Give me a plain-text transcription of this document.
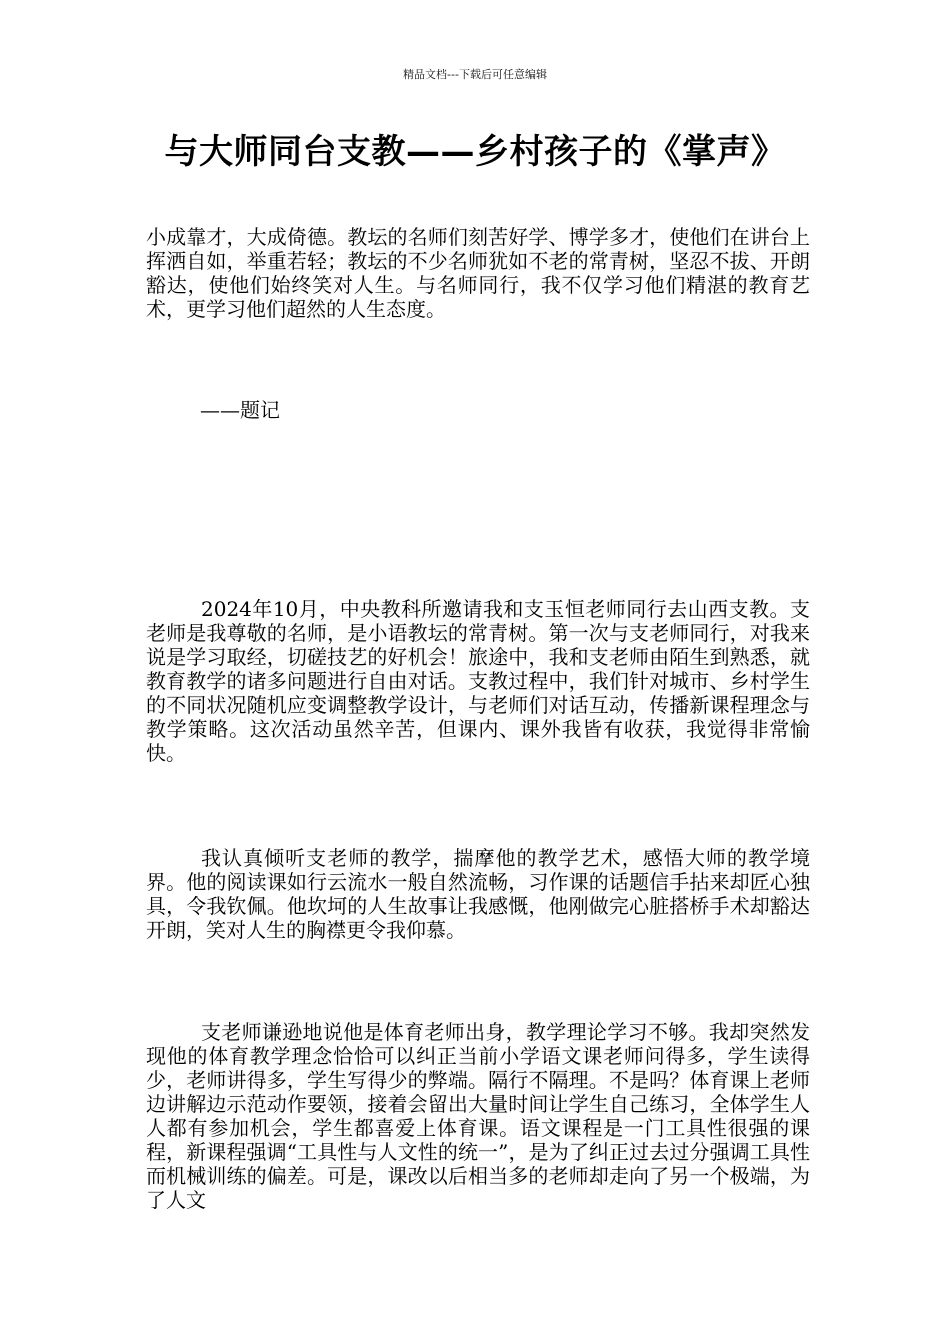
精品文档---下载后可任意编辑
与大师同台支教——乡村孩子的《掌声》

小成靠才，大成倚德。教坛的名师们刻苦好学、博学多才，使他们在讲台上挥洒自如，举重若轻；教坛的不少名师犹如不老的常青树，坚忍不拔、开朗豁达，使他们始终笑对人生。与名师同行，我不仅学习他们精湛的教育艺术，更学习他们超然的人生态度。

——题记

2024年10月，中央教科所邀请我和支玉恒老师同行去山西支教。支老师是我尊敬的名师，是小语教坛的常青树。第一次与支老师同行，对我来说是学习取经，切磋技艺的好机会！旅途中，我和支老师由陌生到熟悉，就教育教学的诸多问题进行自由对话。支教过程中，我们针对城市、乡村学生的不同状况随机应变调整教学设计，与老师们对话互动，传播新课程理念与教学策略。这次活动虽然辛苦，但课内、课外我皆有收获，我觉得非常愉快。

我认真倾听支老师的教学，揣摩他的教学艺术，感悟大师的教学境界。他的阅读课如行云流水一般自然流畅，习作课的话题信手拈来却匠心独具，令我钦佩。他坎坷的人生故事让我感慨，他刚做完心脏搭桥手术却豁达开朗，笑对人生的胸襟更令我仰慕。

支老师谦逊地说他是体育老师出身，教学理论学习不够。我却突然发现他的体育教学理念恰恰可以纠正当前小学语文课老师问得多，学生读得少，老师讲得多，学生写得少的弊端。隔行不隔理。不是吗？体育课上老师边讲解边示范动作要领，接着会留出大量时间让学生自己练习，全体学生人人都有参加机会，学生都喜爱上体育课。语文课程是一门工具性很强的课程，新课程强调“工具性与人文性的统一”，是为了纠正过去过分强调工具性而机械训练的偏差。可是，课改以后相当多的老师却走向了另一个极端，为了人文
